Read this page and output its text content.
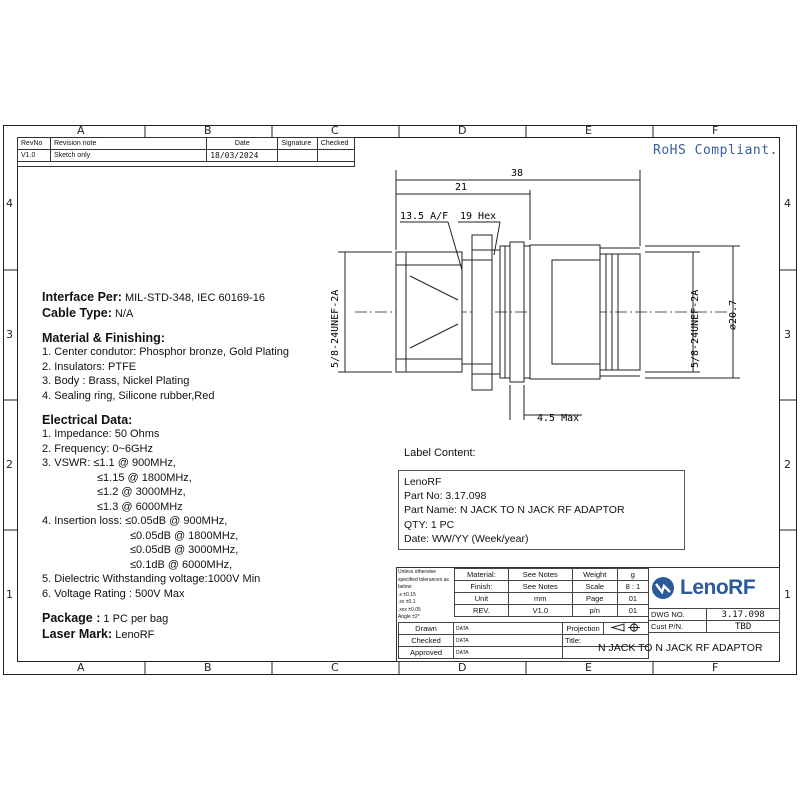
A	B	C	D	E	F
A	B	C	D	E	F
4
3
2
1
4
3
2
1
RevNo	Revision note	Date	Signature	Checked
V1.0	Sketch only	18/03/2024			RoHS Compliant.
38
21
13.5 A/F 19 Hex
4.5 Max
5/8-24UNEF-2A	5/8-24UNEF-2A	⌀20.7
Interface Per: MIL-STD-348, IEC 60169-16
Cable Type: N/A
Material & Finishing:
1. Center condutor: Phosphor bronze, Gold Plating
2. Insulators: PTFE
3. Body : Brass, Nickel Plating
4. Sealing ring, Silicone rubber,Red
Electrical Data:
1. Impedance: 50 Ohms
2. Frequency: 0~6GHz
3. VSWR: ≤1.1 @ 900MHz,
≤1.15 @ 1800MHz,
≤1.2 @ 3000MHz,
≤1.3 @ 6000MHz
4. Insertion loss: ≤0.05dB @ 900MHz,
≤0.05dB @ 1800MHz,
≤0.05dB @ 3000MHz,
≤0.1dB @ 6000MHz,
5. Dielectric Withstanding voltage:1000V Min
6. Voltage Rating : 500V Max
Package : 1 PC per bag
Laser Mark: LenoRF
Label Content:
LenoRF
Part No: 3.17.098
Part Name: N JACK TO N JACK RF ADAPTOR
QTY: 1 PC
Date: WW/YY (Week/year)
Unless otherwise specified tolerances as below:
.x ±0.15
.xx ±0.1
.xxx ±0.05
Angle ±2°
Material:	See Notes	Weight	g
Finish:	See Notes	Scale	8 : 1
Unit	mm	Page	01
REV.	V1.0	p/n	01
Drawn	DATA	Projection	
Checked	DATA	Title:	
Approved	DATA			N JACK TO N JACK RF ADAPTOR
LenoRF
DWG NO.	3.17.098
Cust P/N.	TBD
